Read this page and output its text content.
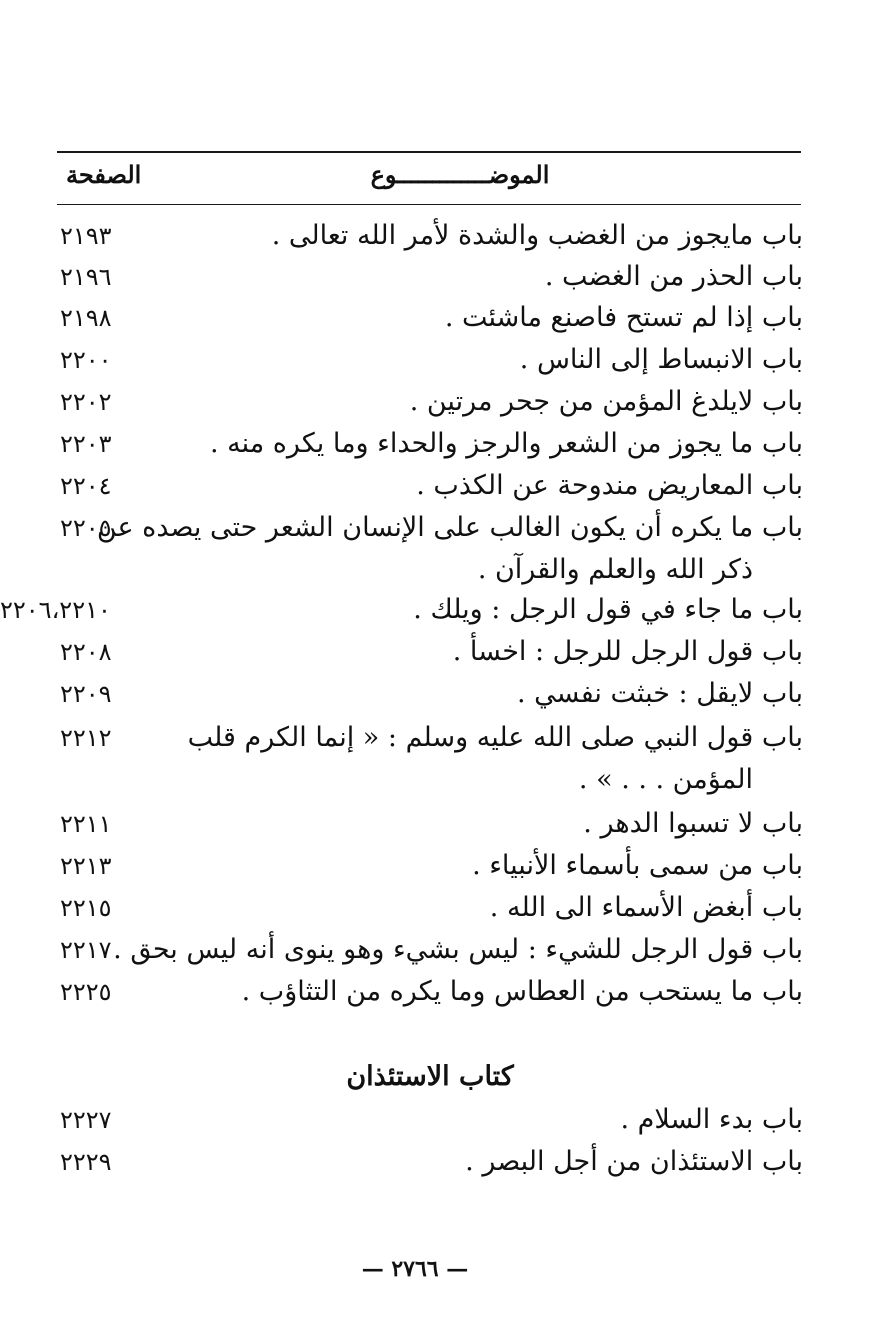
الصفحة	الموضـــــــــــــوع
باب مايجوز من الغضب والشدة لأمر الله تعالى .
٢١٩٣
باب الحذر من الغضب .
٢١٩٦
باب إذا لم تستح فاصنع ماشئت .
٢١٩٨
باب الانبساط إلى الناس .
٢٢٠٠
باب لايلدغ المؤمن من جحر مرتين .
٢٢٠٢
باب ما يجوز من الشعر والرجز والحداء وما يكره منه .
٢٢٠٣
باب المعاريض مندوحة عن الكذب .
٢٢٠٤
باب ما يكره أن يكون الغالب على الإنسان الشعر حتى يصده عن
ذكر الله والعلم والقرآن .
٢٢٠٥
باب ما جاء في قول الرجل : ويلك .
٢٢٠٦،٢٢١٠
باب قول الرجل للرجل : اخسأ .
٢٢٠٨
باب لايقل : خبثت نفسي .
٢٢٠٩
باب قول النبي صلى الله عليه وسلم : « إنما الكرم قلب
المؤمن . . . » .
٢٢١٢
باب لا تسبوا الدهر .
٢٢١١
باب من سمى بأسماء الأنبياء .
٢٢١٣
باب أبغض الأسماء الى الله .
٢٢١٥
باب قول الرجل للشيء : ليس بشيء وهو ينوى أنه ليس بحق .
٢٢١٧
باب ما يستحب من العطاس وما يكره من التثاؤب .
٢٢٢٥
كتاب الاستئذان
باب بدء السلام .
٢٢٢٧
باب الاستئذان من أجل البصر .
٢٢٢٩
— ٢٧٦٦ —
